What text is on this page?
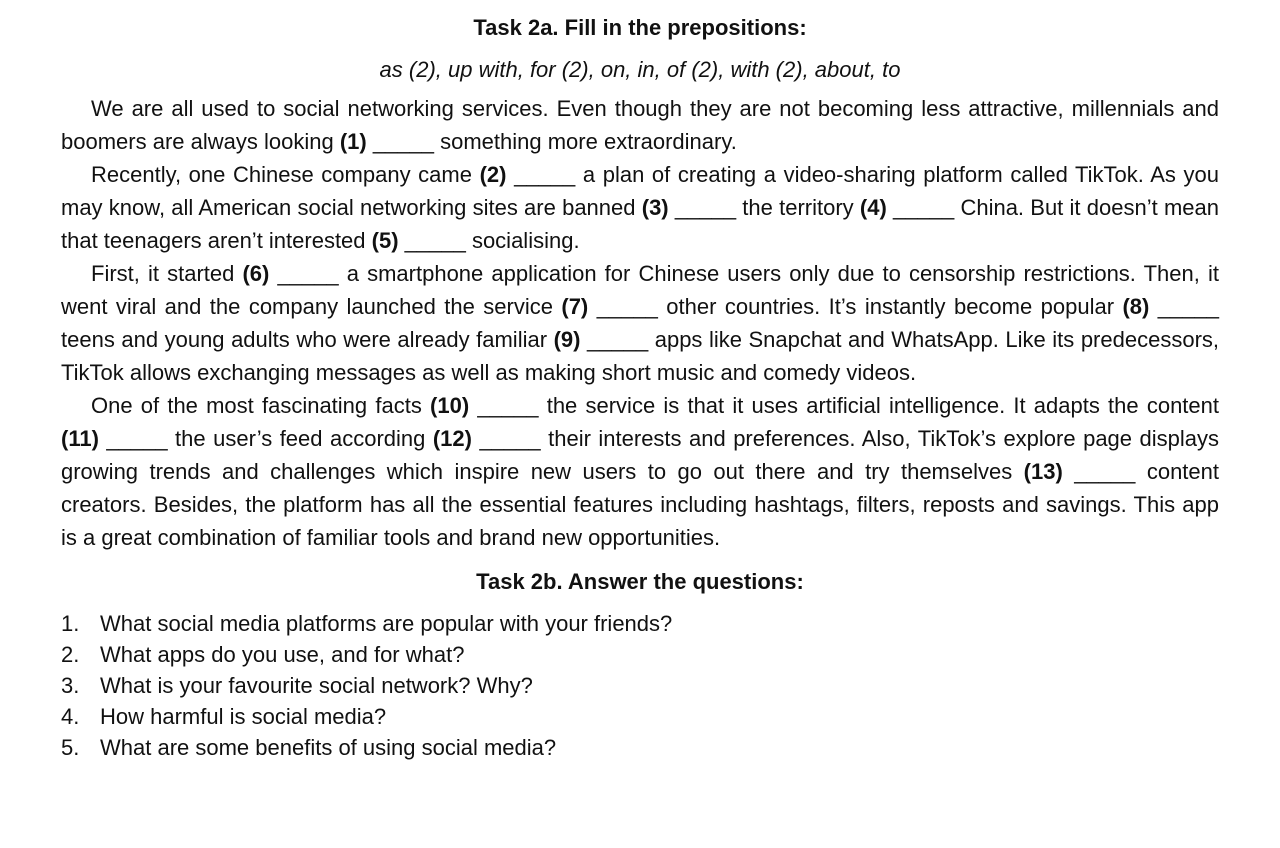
Task 2a. Fill in the prepositions:
as (2), up with, for (2), on, in, of (2), with (2), about, to

We are all used to social networking services. Even though they are not becoming less attractive, millennials and boomers are always looking (1) _____ something more extraordinary.

Recently, one Chinese company came (2) _____ a plan of creating a video-sharing platform called TikTok. As you may know, all American social networking sites are banned (3) _____ the territory (4) _____ China. But it doesn’t mean that teenagers aren’t interested (5) _____ socialising.

First, it started (6) _____ a smartphone application for Chinese users only due to censorship restrictions. Then, it went viral and the company launched the service (7) _____ other countries. It’s instantly become popular (8) _____ teens and young adults who were already familiar (9) _____ apps like Snapchat and WhatsApp. Like its predecessors, TikTok allows exchanging messages as well as making short music and comedy videos.

One of the most fascinating facts (10) _____ the service is that it uses artificial intelligence. It adapts the content (11) _____ the user’s feed according (12) _____ their interests and preferences. Also, TikTok’s explore page displays growing trends and challenges which inspire new users to go out there and try themselves (13) _____ content creators. Besides, the platform has all the essential features including hashtags, filters, reposts and savings. This app is a great combination of familiar tools and brand new opportunities.

Task 2b. Answer the questions:
1. What social media platforms are popular with your friends?
2. What apps do you use, and for what?
3. What is your favourite social network? Why?
4. How harmful is social media?
5. What are some benefits of using social media?
